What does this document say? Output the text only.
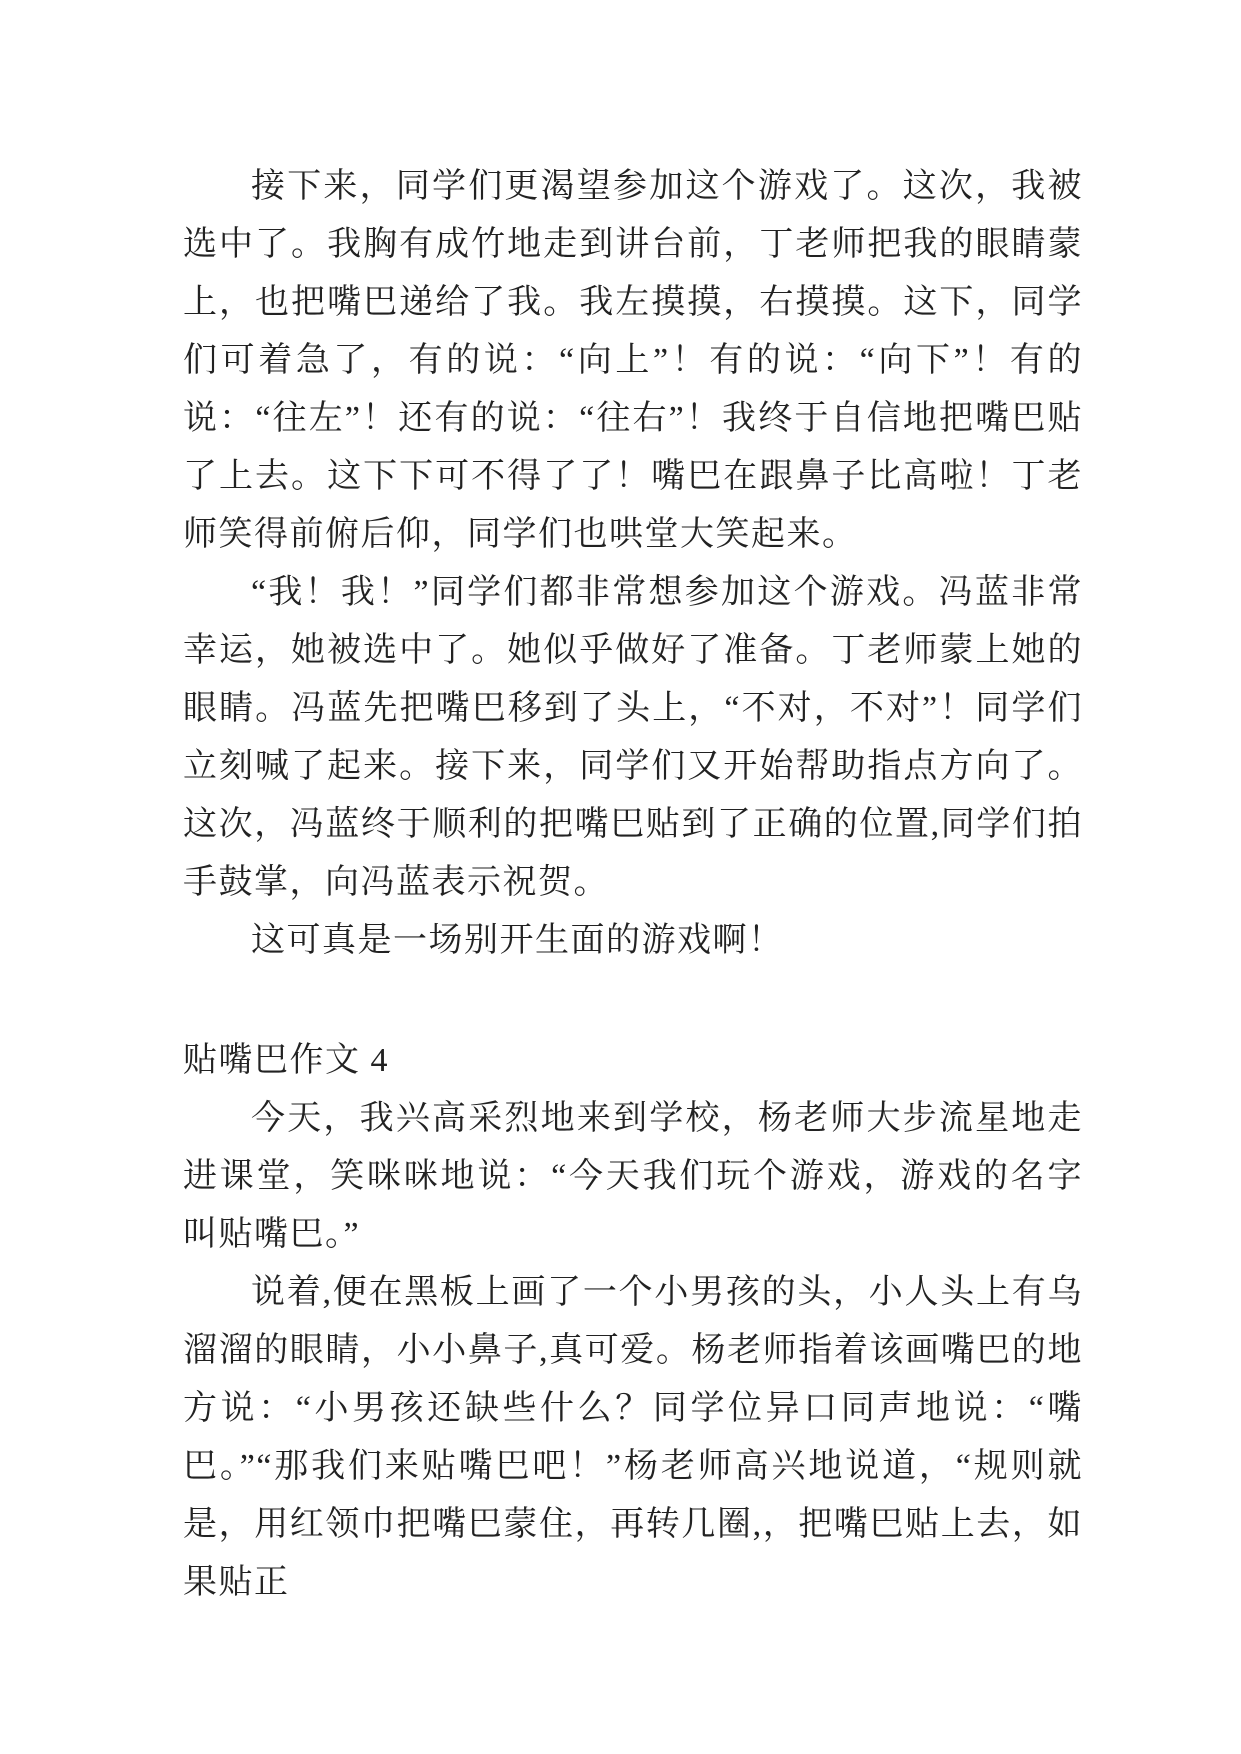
接下来，同学们更渴望参加这个游戏了。这次，我被选中了。我胸有成竹地走到讲台前，丁老师把我的眼睛蒙上，也把嘴巴递给了我。我左摸摸，右摸摸。这下，同学们可着急了，有的说：“向上”！有的说：“向下”！有的说：“往左”！还有的说：“往右”！我终于自信地把嘴巴贴了上去。这下下可不得了了！嘴巴在跟鼻子比高啦！丁老师笑得前俯后仰，同学们也哄堂大笑起来。

“我！我！”同学们都非常想参加这个游戏。冯蓝非常幸运，她被选中了。她似乎做好了准备。丁老师蒙上她的眼睛。冯蓝先把嘴巴移到了头上，“不对，不对”！同学们立刻喊了起来。接下来，同学们又开始帮助指点方向了。这次，冯蓝终于顺利的把嘴巴贴到了正确的位置,同学们拍手鼓掌，向冯蓝表示祝贺。

这可真是一场别开生面的游戏啊！

贴嘴巴作文 4

今天，我兴高采烈地来到学校，杨老师大步流星地走进课堂，笑咪咪地说：“今天我们玩个游戏，游戏的名字叫贴嘴巴。”

说着,便在黑板上画了一个小男孩的头，小人头上有乌溜溜的眼睛，小小鼻子,真可爱。杨老师指着该画嘴巴的地方说：“小男孩还缺些什么？同学位异口同声地说：“嘴巴。”“那我们来贴嘴巴吧！”杨老师高兴地说道，“规则就是，用红领巾把嘴巴蒙住，再转几圈,，把嘴巴贴上去，如果贴正
